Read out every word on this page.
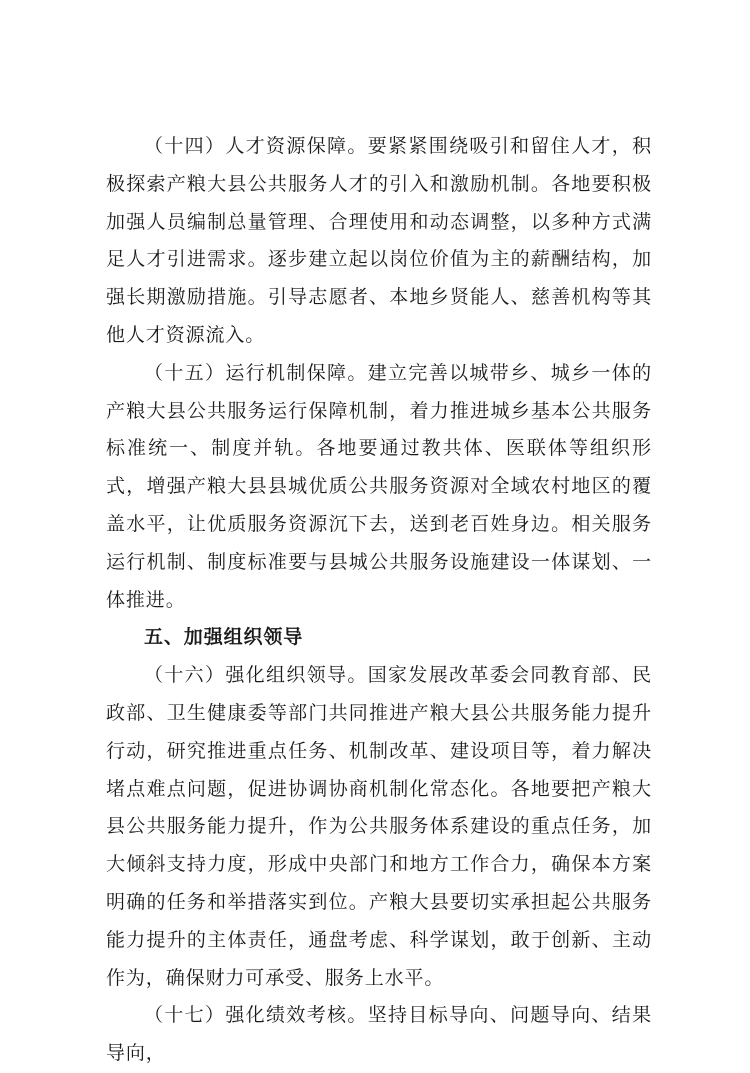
（十四）人才资源保障。要紧紧围绕吸引和留住人才，积极探索产粮大县公共服务人才的引入和激励机制。各地要积极加强人员编制总量管理、合理使用和动态调整，以多种方式满足人才引进需求。逐步建立起以岗位价值为主的薪酬结构，加强长期激励措施。引导志愿者、本地乡贤能人、慈善机构等其他人才资源流入。

（十五）运行机制保障。建立完善以城带乡、城乡一体的产粮大县公共服务运行保障机制，着力推进城乡基本公共服务标准统一、制度并轨。各地要通过教共体、医联体等组织形式，增强产粮大县县城优质公共服务资源对全域农村地区的覆盖水平，让优质服务资源沉下去，送到老百姓身边。相关服务运行机制、制度标准要与县城公共服务设施建设一体谋划、一体推进。

五、加强组织领导

（十六）强化组织领导。国家发展改革委会同教育部、民政部、卫生健康委等部门共同推进产粮大县公共服务能力提升行动，研究推进重点任务、机制改革、建设项目等，着力解决堵点难点问题，促进协调协商机制化常态化。各地要把产粮大县公共服务能力提升，作为公共服务体系建设的重点任务，加大倾斜支持力度，形成中央部门和地方工作合力，确保本方案明确的任务和举措落实到位。产粮大县要切实承担起公共服务能力提升的主体责任，通盘考虑、科学谋划，敢于创新、主动作为，确保财力可承受、服务上水平。

（十七）强化绩效考核。坚持目标导向、问题导向、结果导向，
